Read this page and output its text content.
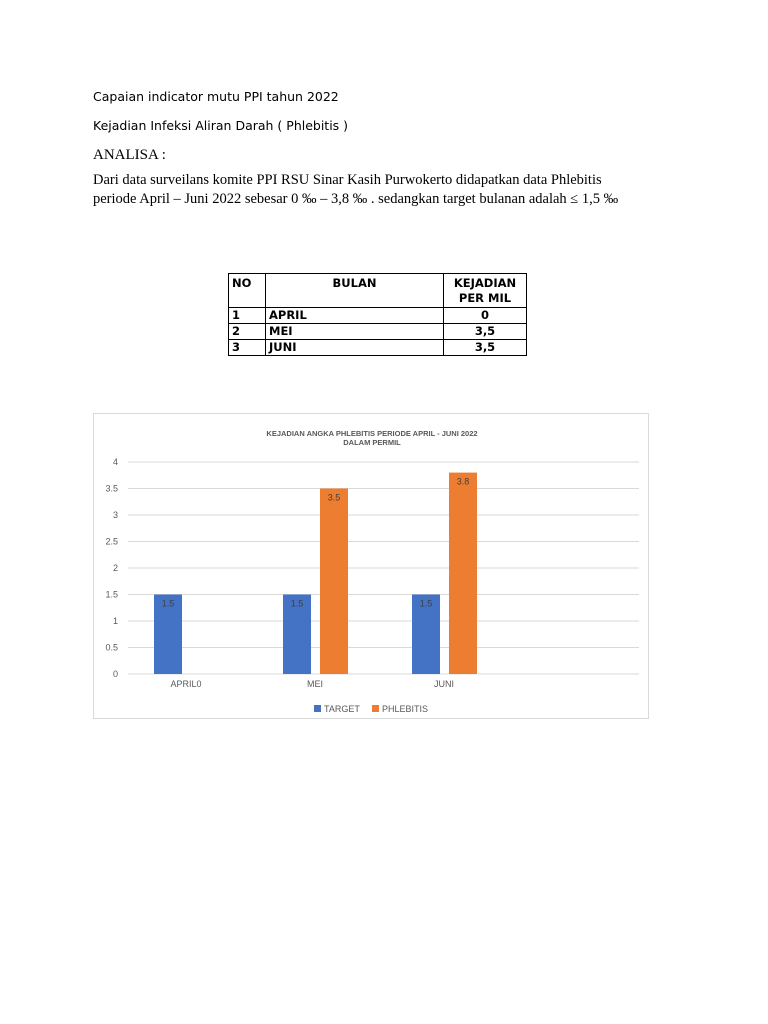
Capaian indicator mutu PPI tahun 2022
Kejadian Infeksi Aliran Darah ( Phlebitis )
ANALISA :
Dari data surveilans komite PPI RSU Sinar Kasih Purwokerto didapatkan data Phlebitis
periode April – Juni 2022 sebesar 0 ‰ – 3,8 ‰ . sedangkan target bulanan adalah ≤ 1,5 ‰
NO	BULAN	KEJADIAN
PER MIL
1	APRIL	0
2	MEI	3,5
3	JUNI	3,5
KEJADIAN ANGKA PHLEBITIS PERIODE APRIL - JUNI 2022
DALAM PERMIL
0
0.5
1
1.5
2
2.5
3
3.5
4
1.5
APRIL0
1.5
3.5
MEI
1.5
3.8
JUNI
TARGET PHLEBITIS
